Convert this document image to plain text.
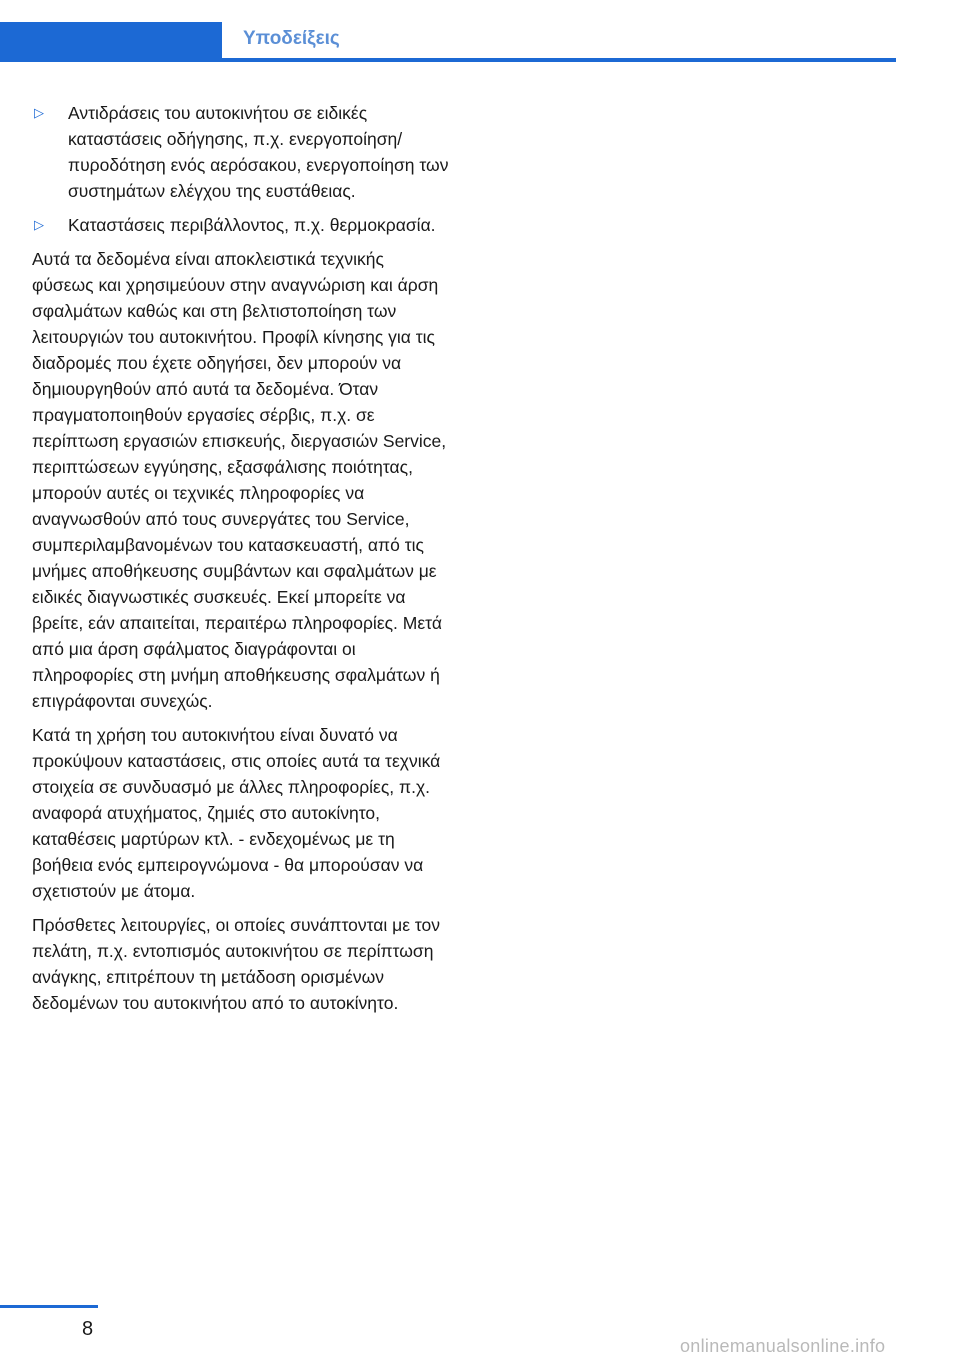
Υποδείξεις
▷ Αντιδράσεις του αυτοκινήτου σε ειδικές καταστάσεις οδήγησης, π.χ. ενεργοποίηση/ πυροδότηση ενός αερόσακου, ενεργοποίηση των συστημάτων ελέγχου της ευστάθειας.
▷ Καταστάσεις περιβάλλοντος, π.χ. θερμοκρασία.

Αυτά τα δεδομένα είναι αποκλειστικά τεχνικής φύσεως και χρησιμεύουν στην αναγνώριση και άρση σφαλμάτων καθώς και στη βελτιστοποίηση των λειτουργιών του αυτοκινήτου. Προφίλ κίνησης για τις διαδρομές που έχετε οδηγήσει, δεν μπορούν να δημιουργηθούν από αυτά τα δεδομένα. Όταν πραγματοποιηθούν εργασίες σέρβις, π.χ. σε περίπτωση εργασιών επισκευής, διεργασιών Service, περιπτώσεων εγγύησης, εξασφάλισης ποιότητας, μπορούν αυτές οι τεχνικές πληροφορίες να αναγνωσθούν από τους συνεργάτες του Service, συμπεριλαμβανομένων του κατασκευαστή, από τις μνήμες αποθήκευσης συμβάντων και σφαλμάτων με ειδικές διαγνωστικές συσκευές. Εκεί μπορείτε να βρείτε, εάν απαιτείται, περαιτέρω πληροφορίες. Μετά από μια άρση σφάλματος διαγράφονται οι πληροφορίες στη μνήμη αποθήκευσης σφαλμάτων ή επιγράφονται συνεχώς.

Κατά τη χρήση του αυτοκινήτου είναι δυνατό να προκύψουν καταστάσεις, στις οποίες αυτά τα τεχνικά στοιχεία σε συνδυασμό με άλλες πληροφορίες, π.χ. αναφορά ατυχήματος, ζημιές στο αυτοκίνητο, καταθέσεις μαρτύρων κτλ. - ενδεχομένως με τη βοήθεια ενός εμπειρογνώμονα - θα μπορούσαν να σχετιστούν με άτομα.

Πρόσθετες λειτουργίες, οι οποίες συνάπτονται με τον πελάτη, π.χ. εντοπισμός αυτοκινήτου σε περίπτωση ανάγκης, επιτρέπουν τη μετάδοση ορισμένων δεδομένων του αυτοκινήτου από το αυτοκίνητο.

8
onlinemanualsonline.info
